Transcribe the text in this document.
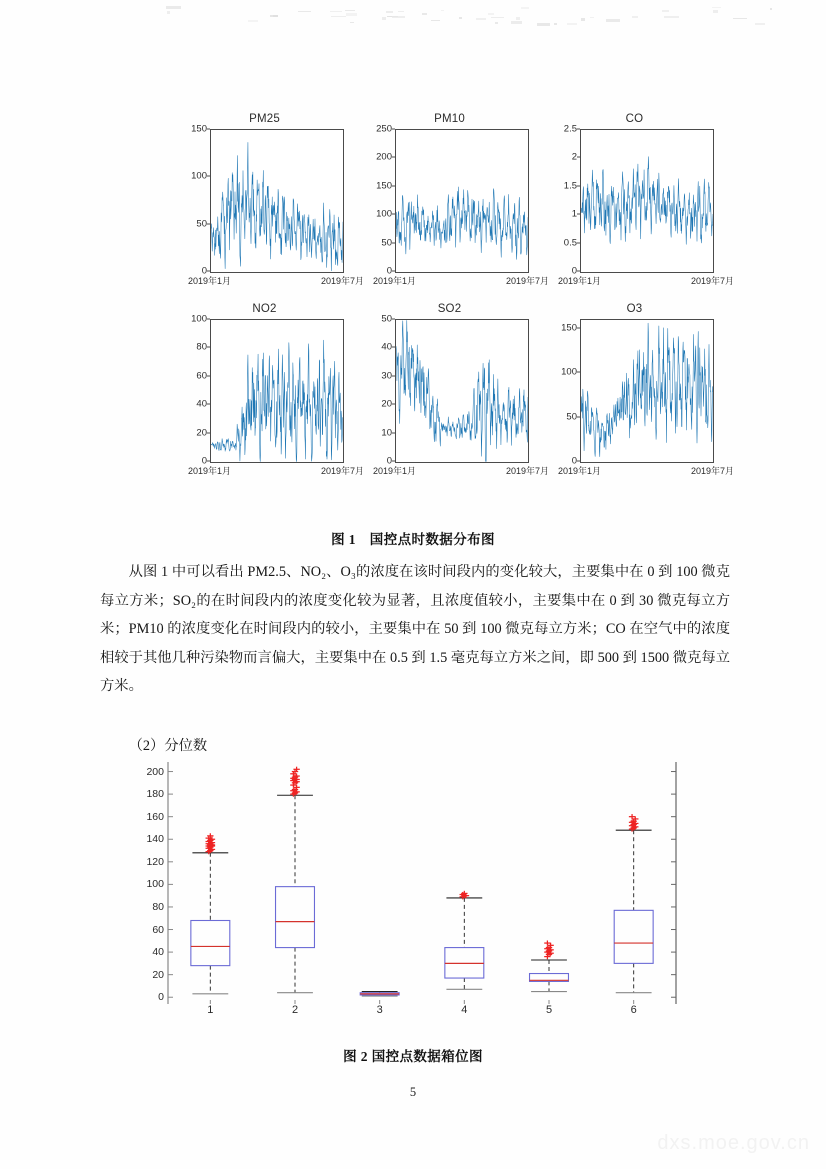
PM25
0
50
100
150
2019年1月	2019年7月
PM10
0
50
100
150
200
250
2019年1月	2019年7月
CO
0
0.5
1
1.5
2
2.5
2019年1月	2019年7月
NO2
0
20
40
60
80
100
2019年1月	2019年7月
SO2
0
10
20
30
40
50
2019年1月	2019年7月
O3
0
50
100
150
2019年1月	2019年7月
图 1　国控点时数据分布图

从图 1 中可以看出 PM2.5、NO₂、O₃的浓度在该时间段内的变化较大，主要集中在 0 到 100 微克每立方米；SO₂的在时间段内的浓度变化较为显著，且浓度值较小，主要集中在 0 到 30 微克每立方米；PM10 的浓度变化在时间段内的较小，主要集中在 50 到 100 微克每立方米；CO 在空气中的浓度相较于其他几种污染物而言偏大，主要集中在 0.5 到 1.5 毫克每立方米之间，即 500 到 1500 微克每立方米。

（2）分位数
0
20
40
60
80
100
120
140
160
180
200
1	2	3	4	5	6
图 2 国控点数据箱位图
5
dxs.moe.gov.cn
